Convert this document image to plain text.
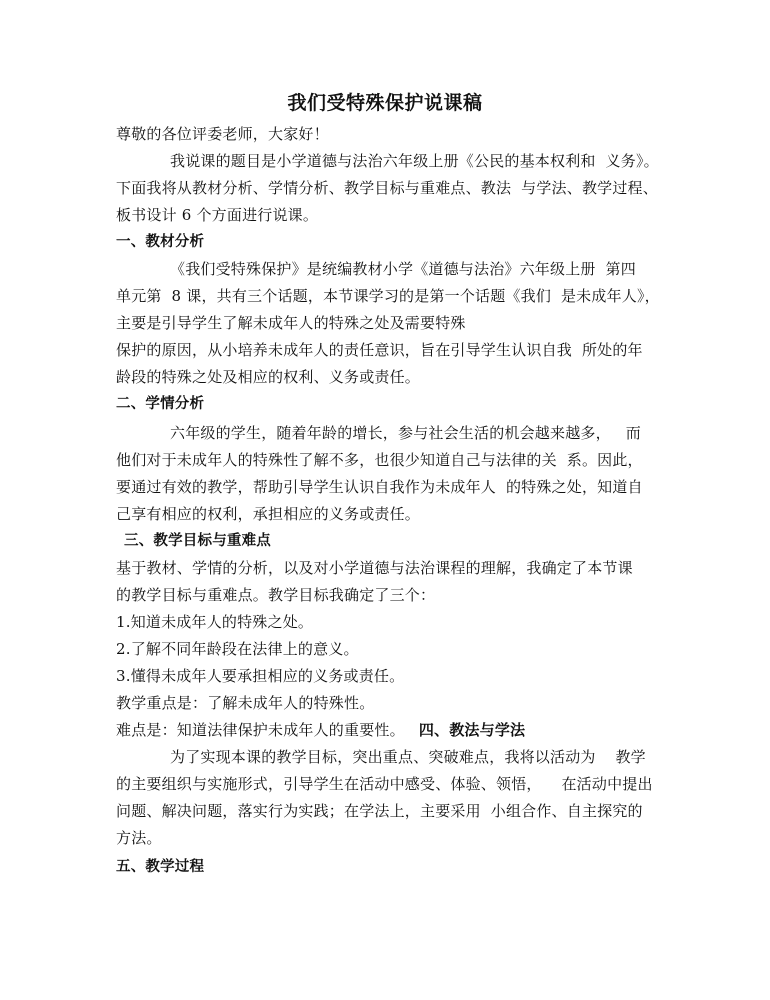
我们受特殊保护说课稿
尊敬的各位评委老师，大家好！
我说课的题目是小学道德与法治六年级上册《公民的基本权利和  义务》。
下面我将从教材分析、学情分析、教学目标与重难点、教法  与学法、教学过程、
板书设计 6 个方面进行说课。
一、教材分析
《我们受特殊保护》是统编教材小学《道德与法治》六年级上册  第四
单元第  8 课，共有三个话题，本节课学习的是第一个话题《我们  是未成年人》，
主要是引导学生了解未成年人的特殊之处及需要特殊
保护的原因，从小培养未成年人的责任意识，旨在引导学生认识自我  所处的年
龄段的特殊之处及相应的权利、义务或责任。
二、学情分析
六年级的学生，随着年龄的增长，参与社会生活的机会越来越多，   而
他们对于未成年人的特殊性了解不多，也很少知道自己与法律的关  系。因此，
要通过有效的教学，帮助引导学生认识自我作为未成年人  的特殊之处，知道自
己享有相应的权利，承担相应的义务或责任。
三、教学目标与重难点
基于教材、学情的分析，以及对小学道德与法治课程的理解，我确定了本节课
的教学目标与重难点。教学目标我确定了三个：
1.知道未成年人的特殊之处。
2.了解不同年龄段在法律上的意义。
3.懂得未成年人要承担相应的义务或责任。
教学重点是：了解未成年人的特殊性。
难点是：知道法律保护未成年人的重要性。 四、教法与学法
为了实现本课的教学目标，突出重点、突破难点，我将以活动为    教学
的主要组织与实施形式，引导学生在活动中感受、体验、领悟，    在活动中提出
问题、解决问题，落实行为实践；在学法上，主要采用  小组合作、自主探究的
方法。
五、教学过程
